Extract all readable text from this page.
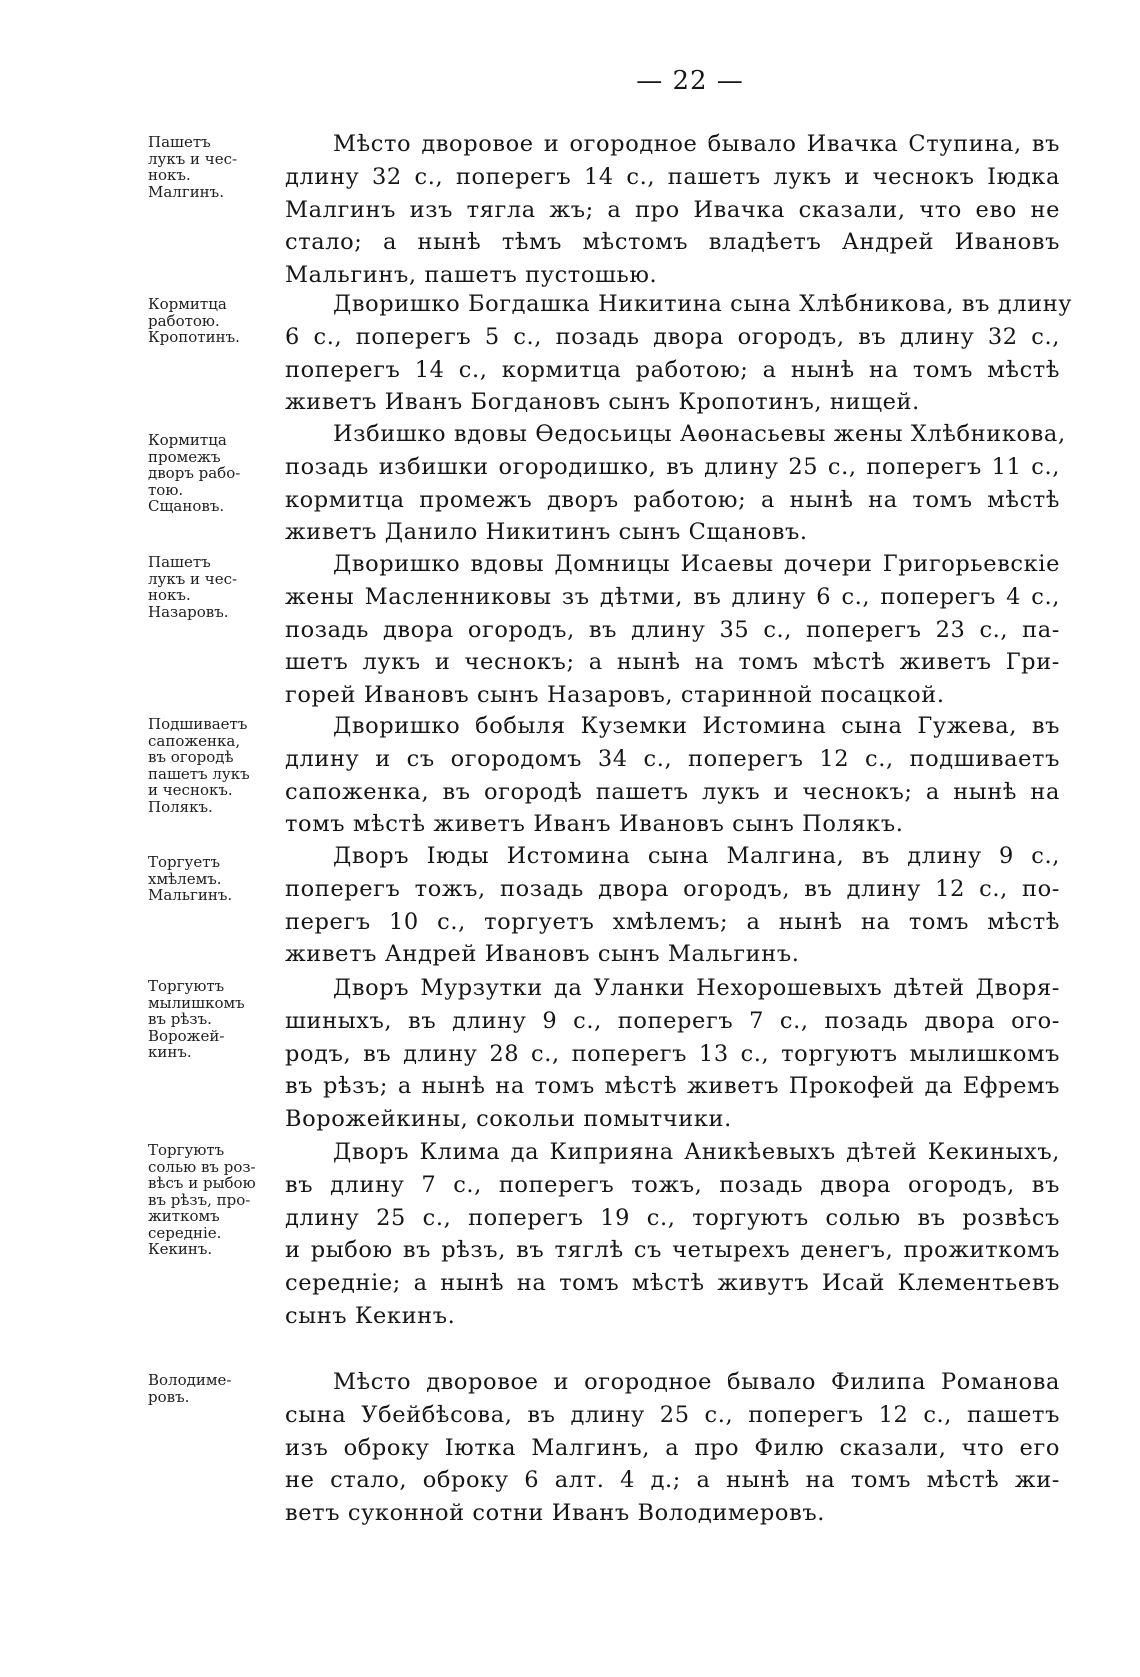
— 22 —
Пашетъ
лукъ и чес-
нокъ.
Малгинъ.
Мѣсто дворовое и огородное бывало Ивачка Ступина, въ
длину 32 с., поперегъ 14 с., пашетъ лукъ и чеснокъ Іюдка
Малгинъ изъ тягла жъ; а про Ивачка сказали, что ево не
стало; а нынѣ тѣмъ мѣстомъ владѣетъ Андрей Ивановъ
Мальгинъ, пашетъ пустошью.
Кормитца
работою.
Кропотинъ.
Дворишко Богдашка Никитина сына Хлѣбникова, въ длину
6 с., поперегъ 5 с., позадь двора огородъ, въ длину 32 с.,
поперегъ 14 с., кормитца работою; а нынѣ на томъ мѣстѣ
живетъ Иванъ Богдановъ сынъ Кропотинъ, нищей.
Кормитца
промежъ
дворъ рабо-
тою.
Сщановъ.
Избишко вдовы Ѳедосьицы Аѳонасьевы жены Хлѣбникова,
позадь избишки огородишко, въ длину 25 с., поперегъ 11 с.,
кормитца промежъ дворъ работою; а нынѣ на томъ мѣстѣ
живетъ Данило Никитинъ сынъ Сщановъ.
Пашетъ
лукъ и чес-
нокъ.
Назаровъ.
Дворишко вдовы Домницы Исаевы дочери Григорьевскіе
жены Масленниковы зъ дѣтми, въ длину 6 с., поперегъ 4 с.,
позадь двора огородъ, въ длину 35 с., поперегъ 23 с., па-
шетъ лукъ и чеснокъ; а нынѣ на томъ мѣстѣ живетъ Гри-
горей Ивановъ сынъ Назаровъ, старинной посацкой.
Подшиваетъ
сапоженка,
въ огородѣ
пашетъ лукъ
и чеснокъ.
Полякъ.
Дворишко бобыля Куземки Истомина сына Гужева, въ
длину и съ огородомъ 34 с., поперегъ 12 с., подшиваетъ
сапоженка, въ огородѣ пашетъ лукъ и чеснокъ; а нынѣ на
томъ мѣстѣ живетъ Иванъ Ивановъ сынъ Полякъ.
Торгуетъ
хмѣлемъ.
Мальгинъ.
Дворъ Іюды Истомина сына Малгина, въ длину 9 с.,
поперегъ тожъ, позадь двора огородъ, въ длину 12 с., по-
перегъ 10 с., торгуетъ хмѣлемъ; а нынѣ на томъ мѣстѣ
живетъ Андрей Ивановъ сынъ Мальгинъ.
Торгуютъ
мылишкомъ
въ рѣзъ.
Ворожей-
кинъ.
Дворъ Мурзутки да Уланки Нехорошевыхъ дѣтей Дворя-
шиныхъ, въ длину 9 с., поперегъ 7 с., позадь двора ого-
родъ, въ длину 28 с., поперегъ 13 с., торгуютъ мылишкомъ
въ рѣзъ; а нынѣ на томъ мѣстѣ живетъ Прокофей да Ефремъ
Ворожейкины, сокольи помытчики.
Торгуютъ
солью въ роз-
вѣсъ и рыбою
въ рѣзъ, про-
житкомъ
середніе.
Кекинъ.
Дворъ Клима да Киприяна Аникѣевыхъ дѣтей Кекиныхъ,
въ длину 7 с., поперегъ тожъ, позадь двора огородъ, въ
длину 25 с., поперегъ 19 с., торгуютъ солью въ розвѣсъ
и рыбою въ рѣзъ, въ тяглѣ съ четырехъ денегъ, прожиткомъ
середніе; а нынѣ на томъ мѣстѣ живутъ Исай Клементьевъ
сынъ Кекинъ.
Володиме-
ровъ.
Мѣсто дворовое и огородное бывало Филипа Романова
сына Убейбѣсова, въ длину 25 с., поперегъ 12 с., пашетъ
изъ оброку Іютка Малгинъ, а про Филю сказали, что его
не стало, оброку 6 алт. 4 д.; а нынѣ на томъ мѣстѣ жи-
ветъ суконной сотни Иванъ Володимеровъ.
